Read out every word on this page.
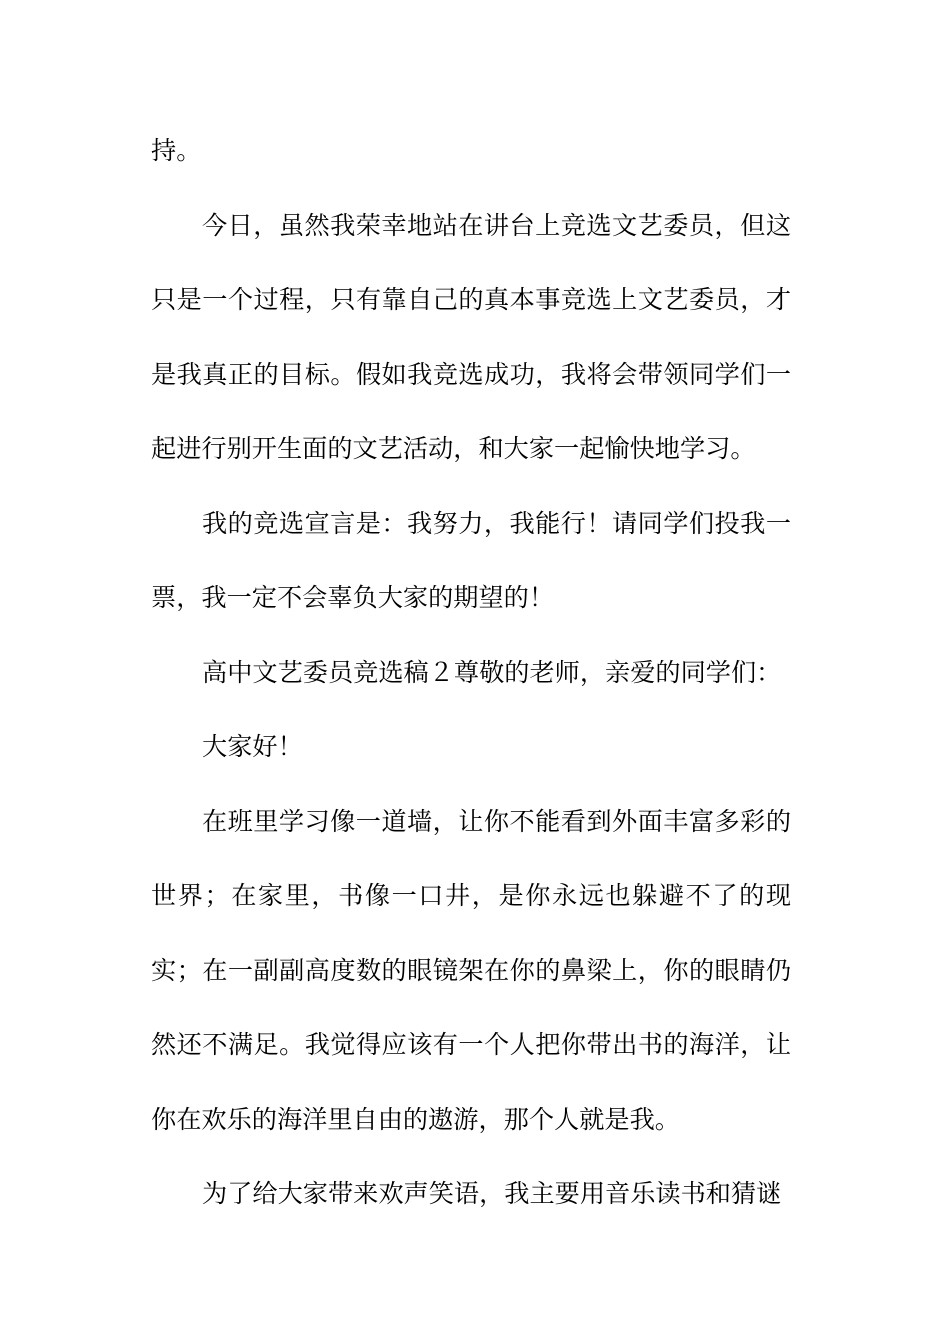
持。

今日，虽然我荣幸地站在讲台上竞选文艺委员，但这只是一个过程，只有靠自己的真本事竞选上文艺委员，才是我真正的目标。假如我竞选成功，我将会带领同学们一起进行别开生面的文艺活动，和大家一起愉快地学习。

我的竞选宣言是：我努力，我能行！请同学们投我一票，我一定不会辜负大家的期望的！

高中文艺委员竞选稿２尊敬的老师，亲爱的同学们：

大家好！

在班里学习像一道墙，让你不能看到外面丰富多彩的世界；在家里，书像一口井，是你永远也躲避不了的现实；在一副副高度数的眼镜架在你的鼻梁上，你的眼睛仍然还不满足。我觉得应该有一个人把你带出书的海洋，让你在欢乐的海洋里自由的遨游，那个人就是我。

为了给大家带来欢声笑语，我主要用音乐读书和猜谜
